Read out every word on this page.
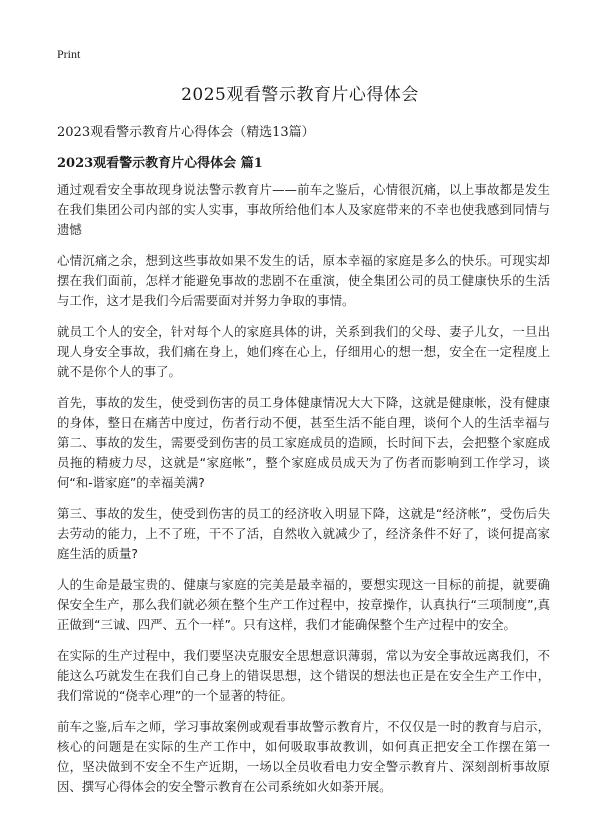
Print
2025观看警示教育片心得体会

2023观看警示教育片心得体会（精选13篇）

2023观看警示教育片心得体会 篇1

通过观看安全事故现身说法警示教育片——前车之鉴后，心情很沉痛，以上事故都是发生在我们集团公司内部的实人实事，事故所给他们本人及家庭带来的不幸也使我感到同情与遗憾

心情沉痛之余，想到这些事故如果不发生的话，原本幸福的家庭是多么的快乐。可现实却摆在我们面前，怎样才能避免事故的悲剧不在重演，使全集团公司的员工健康快乐的生活与工作，这才是我们今后需要面对并努力争取的事情。

就员工个人的安全，针对每个人的家庭具体的讲，关系到我们的父母、妻子儿女，一旦出现人身安全事故，我们痛在身上，她们疼在心上，仔细用心的想一想，安全在一定程度上就不是你个人的事了。

首先，事故的发生，使受到伤害的员工身体健康情况大大下降，这就是健康帐，没有健康的身体，整日在痛苦中度过，伤者行动不便，甚至生活不能自理，谈何个人的生活幸福与第二、事故的发生，需要受到伤害的员工家庭成员的造顾，长时间下去，会把整个家庭成员拖的精疲力尽，这就是“家庭帐”，整个家庭成员成天为了伤者而影响到工作学习，谈何“和-谐家庭”的幸福美满?

第三、事故的发生，使受到伤害的员工的经济收入明显下降，这就是“经济帐”，受伤后失去劳动的能力，上不了班，干不了活，自然收入就减少了，经济条件不好了，谈何提高家庭生活的质量?

人的生命是最宝贵的、健康与家庭的完美是最幸福的，要想实现这一目标的前提，就要确保安全生产，那么我们就必须在整个生产工作过程中，按章操作，认真执行“三项制度”,真正做到“三诚、四严、五个一样”。只有这样，我们才能确保整个生产过程中的安全。

在实际的生产过程中，我们要坚决克服安全思想意识薄弱，常以为安全事故远离我们，不能这么巧就发生在我们自己身上的错误思想，这个错误的想法也正是在安全生产工作中，我们常说的“侥幸心理”的一个显著的特征。

前车之鉴,后车之师，学习事故案例或观看事故警示教育片，不仅仅是一时的教育与启示，核心的问题是在实际的生产工作中，如何吸取事故教训，如何真正把安全工作摆在第一位，坚决做到不安全不生产近期，一场以全员收看电力安全警示教育片、深刻剖析事故原因、撰写心得体会的安全警示教育在公司系统如火如荼开展。
